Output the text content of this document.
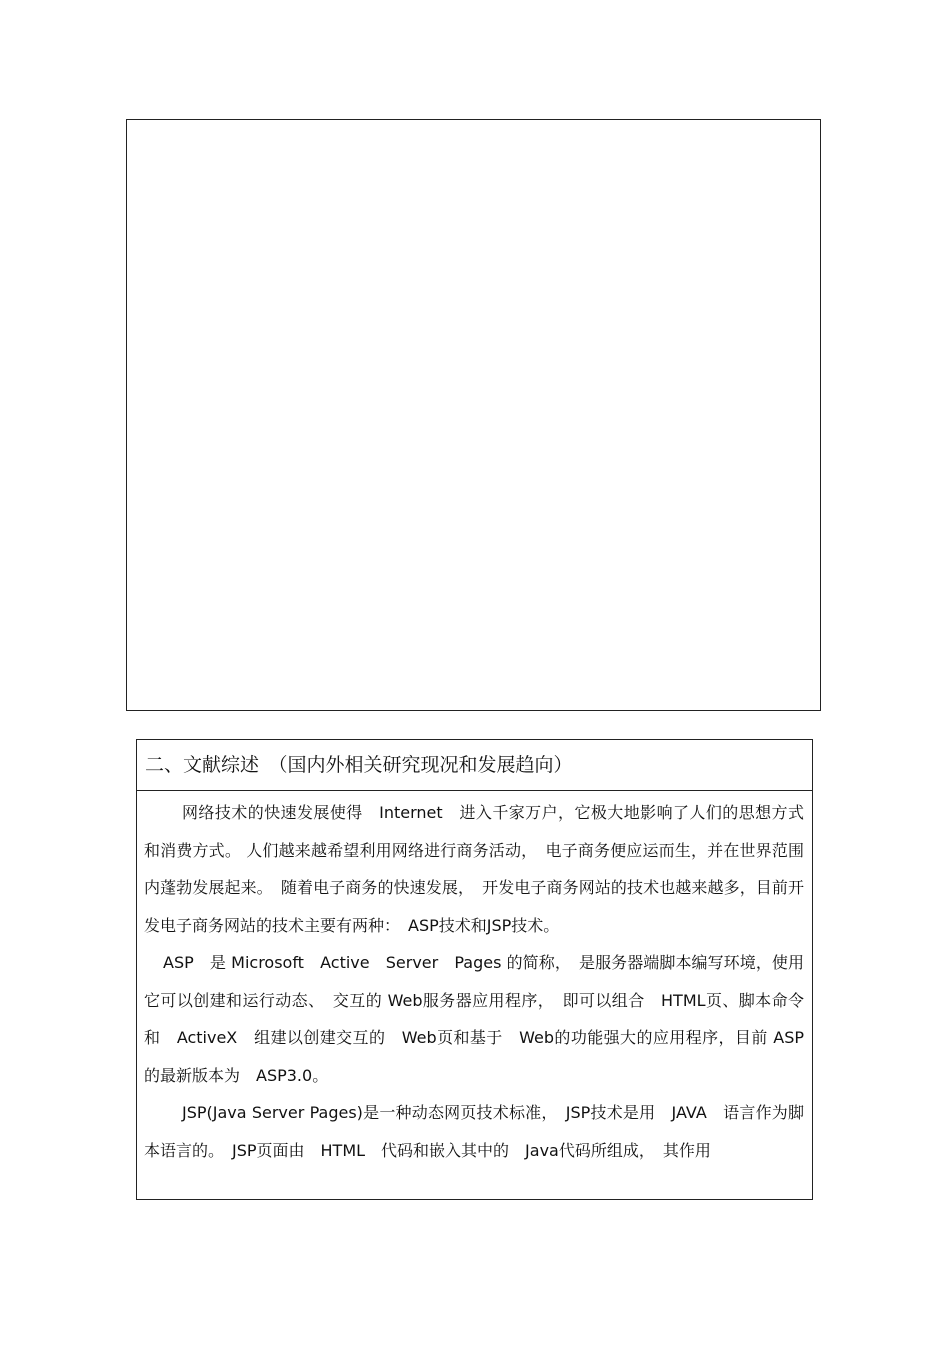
二、文献综述　（国内外相关研究现况和发展趋向）

网络技术的快速发展使得　Internet　进入千家万户，它极大地影响了人们的思想方式和消费方式。 人们越来越希望利用网络进行商务活动，　电子商务便应运而生，并在世界范围内蓬勃发展起来。　随着电子商务的快速发展，　开发电子商务网站的技术也越来越多，目前开发电子商务网站的技术主要有两种：　ASP技术和JSP技术。

ASP　是 Microsoft　Active　Server　Pages 的简称，　是服务器端脚本编写环境，使用它可以创建和运行动态、　交互的 Web服务器应用程序，　即可以组合　HTML页、脚本命令和　ActiveX　组建以创建交互的　Web页和基于　Web的功能强大的应用程序，目前 ASP的最新版本为　ASP3.0。

JSP(Java Server Pages)是一种动态网页技术标准，　JSP技术是用　JAVA　语言作为脚本语言的。　JSP页面由　HTML　代码和嵌入其中的　Java代码所组成，　其作用
